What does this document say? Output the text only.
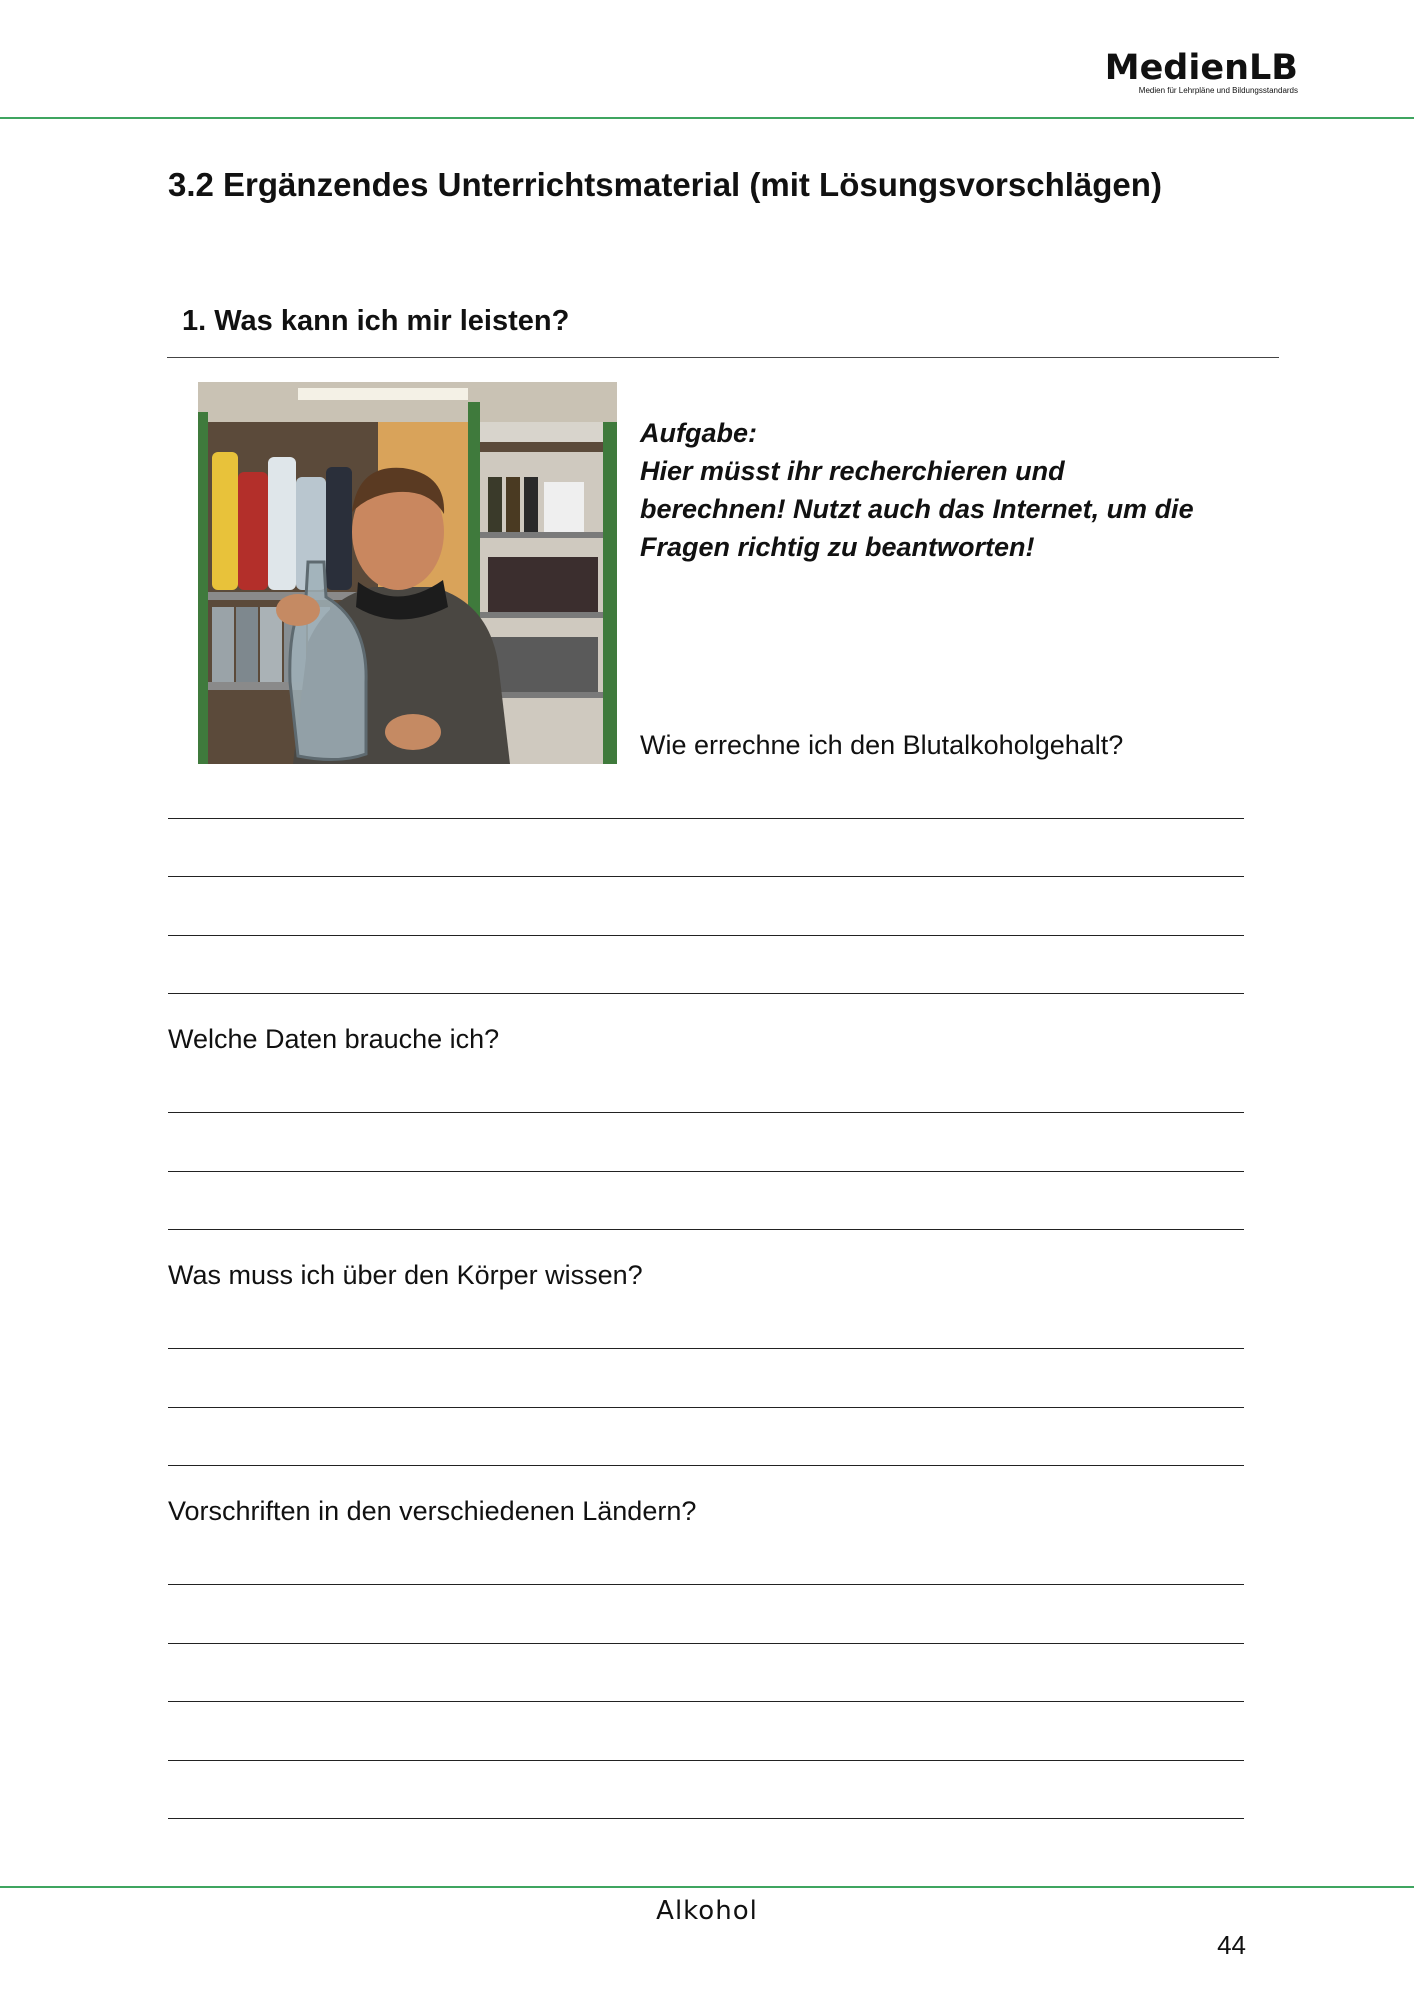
MedienLB
Medien für Lehrpläne und Bildungsstandards
3.2 Ergänzendes Unterrichtsmaterial (mit Lösungsvorschlägen)
1. Was kann ich mir leisten?
Aufgabe:
Hier müsst ihr recherchieren und
berechnen! Nutzt auch das Internet, um die
Fragen richtig zu beantworten!
Wie errechne ich den Blutalkoholgehalt?
Welche Daten brauche ich?
Was muss ich über den Körper wissen?
Vorschriften in den verschiedenen Ländern?
Alkohol
44
